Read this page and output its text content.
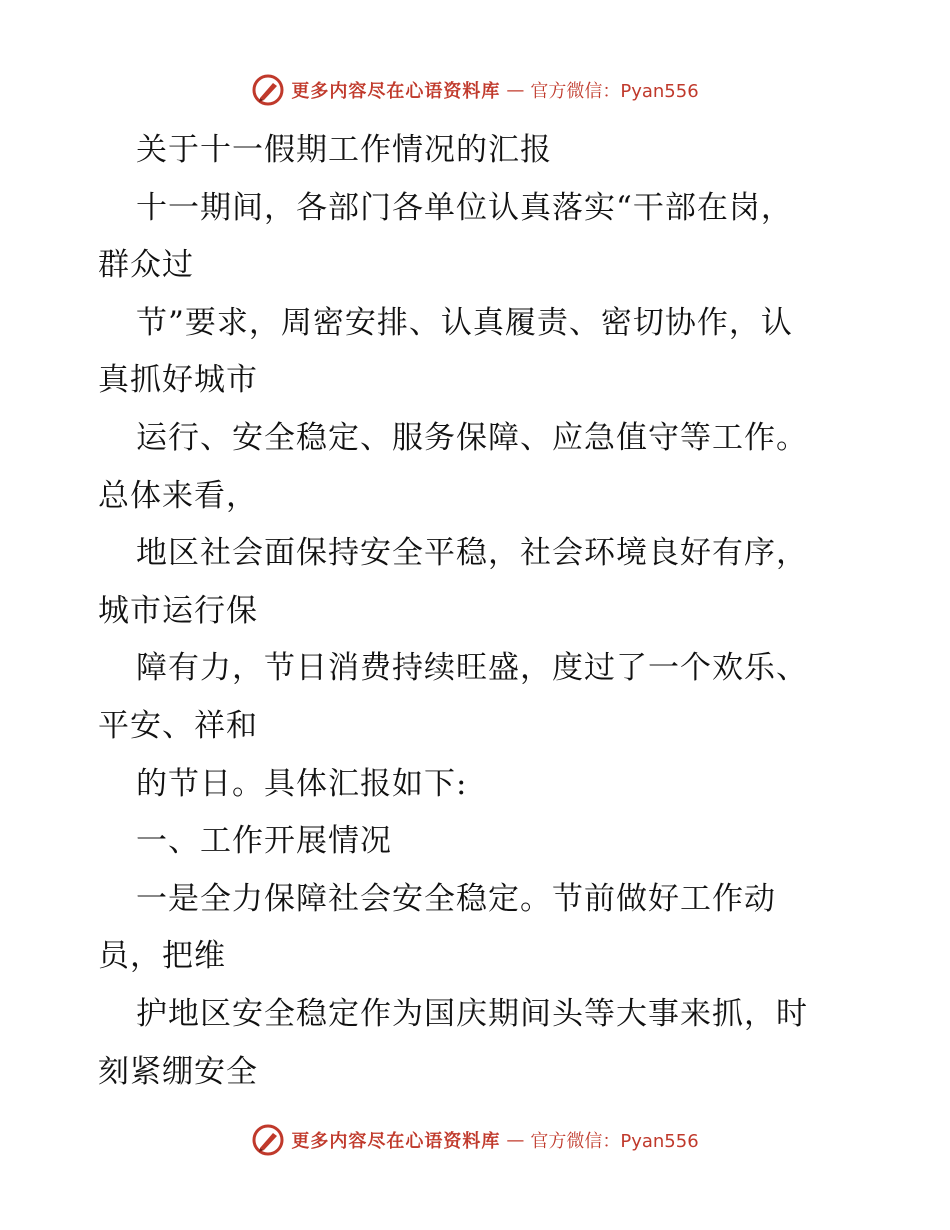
更多内容尽在心语资料库 — 官方微信：Pyan556
关于十一假期工作情况的汇报
十一期间，各部门各单位认真落实“干部在岗，
群众过
节”要求，周密安排、认真履责、密切协作，认
真抓好城市
运行、安全稳定、服务保障、应急值守等工作。
总体来看，
地区社会面保持安全平稳，社会环境良好有序，
城市运行保
障有力，节日消费持续旺盛，度过了一个欢乐、
平安、祥和
的节日。具体汇报如下:
一、工作开展情况
一是全力保障社会安全稳定。节前做好工作动
员，把维
护地区安全稳定作为国庆期间头等大事来抓，时
刻紧绷安全
更多内容尽在心语资料库 — 官方微信：Pyan556
